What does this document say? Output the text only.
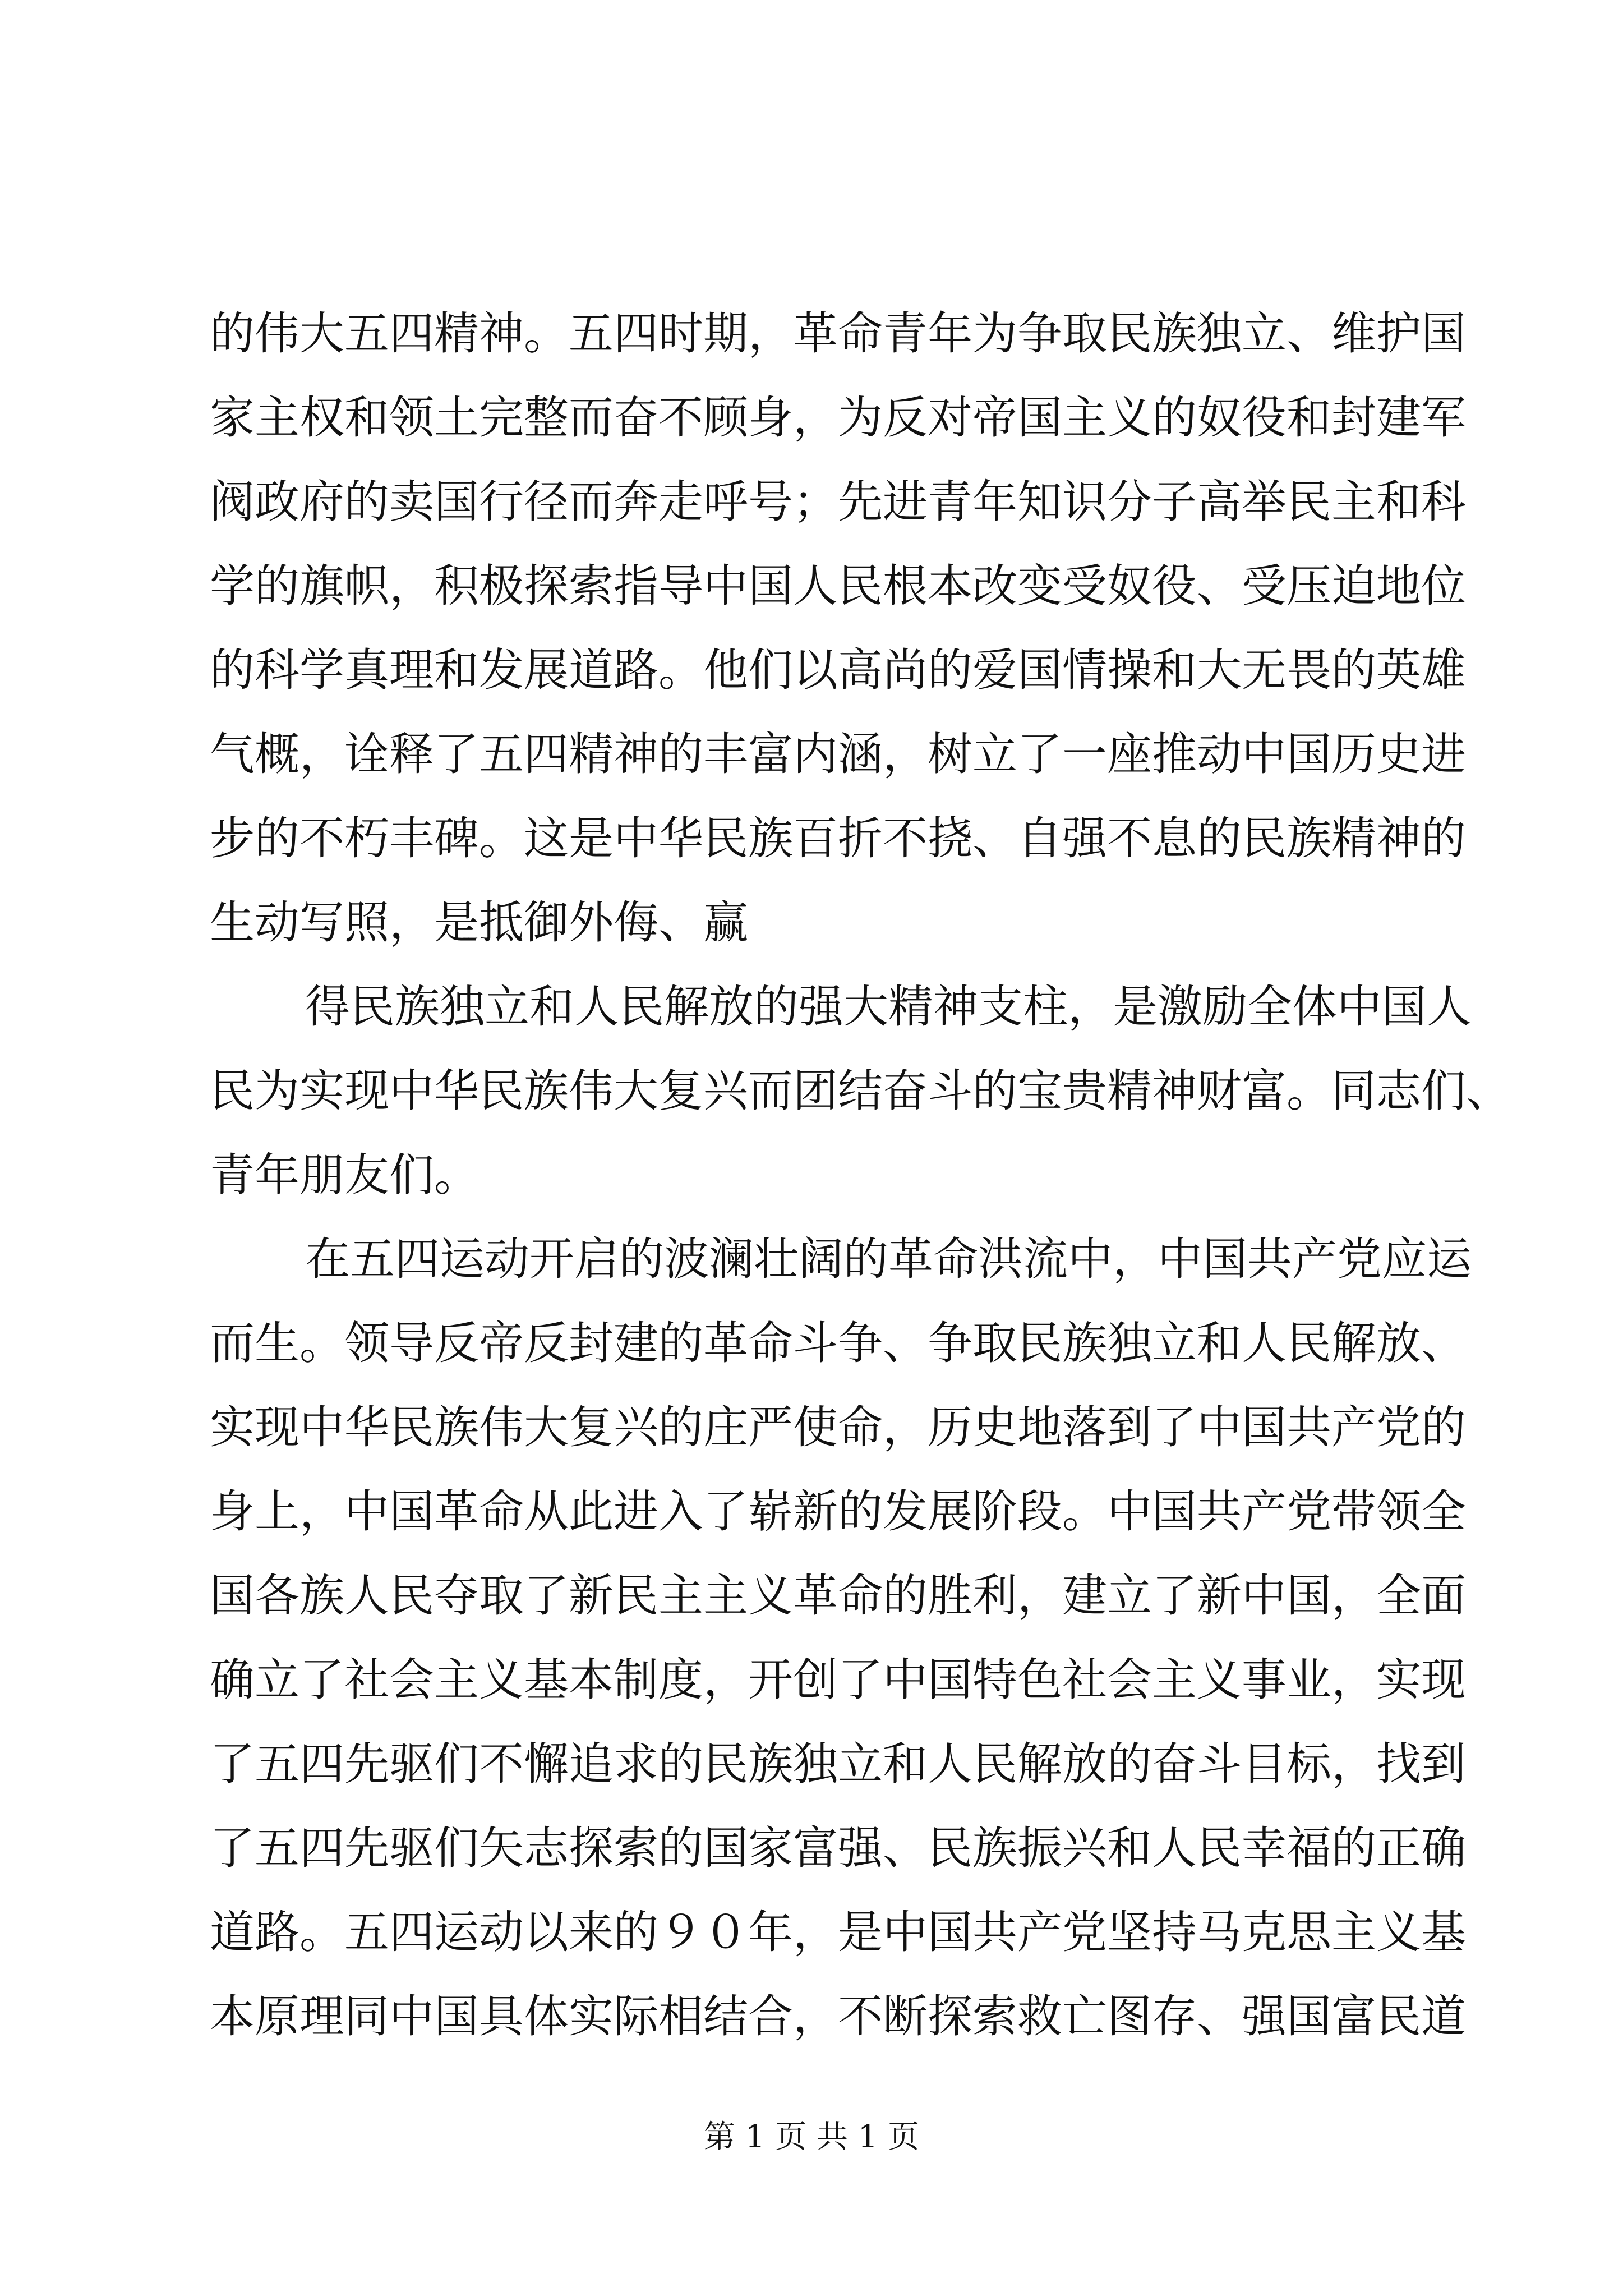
的伟大五四精神。五四时期，革命青年为争取民族独立、维护国
家主权和领土完整而奋不顾身，为反对帝国主义的奴役和封建军
阀政府的卖国行径而奔走呼号；先进青年知识分子高举民主和科
学的旗帜，积极探索指导中国人民根本改变受奴役、受压迫地位
的科学真理和发展道路。他们以高尚的爱国情操和大无畏的英雄
气概，诠释了五四精神的丰富内涵，树立了一座推动中国历史进
步的不朽丰碑。这是中华民族百折不挠、自强不息的民族精神的
生动写照，是抵御外侮、赢
得民族独立和人民解放的强大精神支柱，是激励全体中国人
民为实现中华民族伟大复兴而团结奋斗的宝贵精神财富。同志们、
青年朋友们。
在五四运动开启的波澜壮阔的革命洪流中，中国共产党应运
而生。领导反帝反封建的革命斗争、争取民族独立和人民解放、
实现中华民族伟大复兴的庄严使命，历史地落到了中国共产党的
身上，中国革命从此进入了崭新的发展阶段。中国共产党带领全
国各族人民夺取了新民主主义革命的胜利，建立了新中国，全面
确立了社会主义基本制度，开创了中国特色社会主义事业，实现
了五四先驱们不懈追求的民族独立和人民解放的奋斗目标，找到
了五四先驱们矢志探索的国家富强、民族振兴和人民幸福的正确
道路。五四运动以来的９０年，是中国共产党坚持马克思主义基
本原理同中国具体实际相结合，不断探索救亡图存、强国富民道
第 1 页 共 1 页
